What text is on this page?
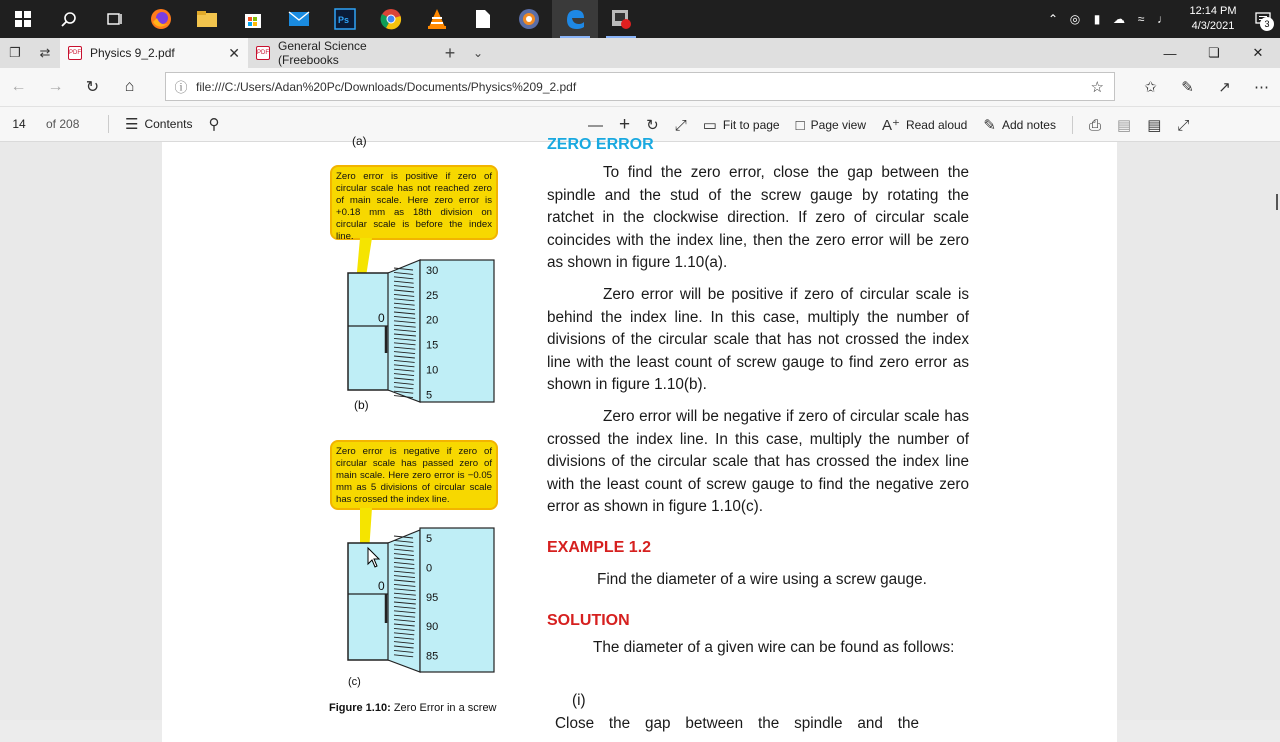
Ps	⌃ ◎	▮	☁	≈	♩
12:14 PM
4/3/2021	3
❐	⇄	PDF Physics 9_2.pdf	✕	PDF General Science (Freebooks	+	⌄	—	❏	✕
←	→	↻	⌂	ⓘ file:///C:/Users/Adan%20Pc/Downloads/Documents/Physics%209_2.pdf	☆	✩	✎	↗	⋯
14	of 208	☰ Contents ⚲	— + ↻ ⤢ ▭ Fit to page □ Page view A⁺ Read aloud ✎ Add notes ⎙ ▤ ▤ ⤢
(a)
Zero error is positive if zero of circular scale has not reached zero of main scale. Here zero error is +0.18 mm as 18th division on circular scale is before the index line.
0
30
25
20
15
10
5
(b)
Zero error is negative if zero of circular scale has passed zero of main scale. Here zero error is −0.05 mm as 5 divisions of circular scale has crossed the index line.
0
5
0
95
90
85
(c)
Figure 1.10: Zero Error in a screw
ZERO ERROR
To find the zero error, close the gap between the spindle and the stud of the screw gauge by rotating the ratchet in the clockwise direction. If zero of circular scale coincides with the index line, then the zero error will be zero as shown in figure 1.10(a).
Zero error will be positive if zero of circular scale is behind the index line. In this case, multiply the number of divisions of the circular scale that has not crossed the index line with the least count of screw gauge to find zero error as shown in figure 1.10(b).
Zero error will be negative if zero of circular scale has crossed the index line. In this case, multiply the number of divisions of the circular scale that has crossed the index line with the least count of screw gauge to find the negative zero error as shown in figure 1.10(c).
EXAMPLE 1.2
Find the diameter of a wire using a screw gauge.
SOLUTION
The diameter of a given wire can be found as follows:
(i) Close the gap between the spindle and the
